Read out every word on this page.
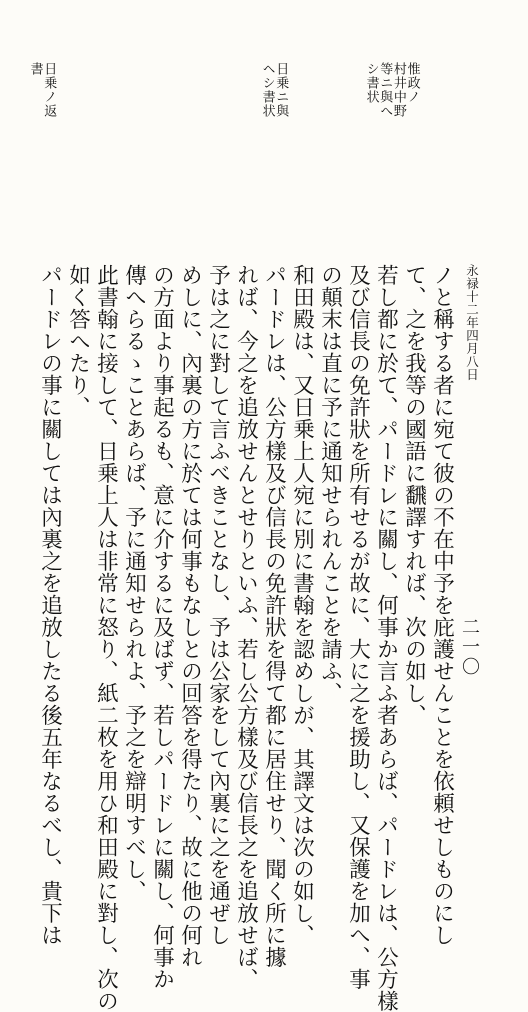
永禄十二年四月八日
二一〇
惟政ノ
村井中野
等ニ與へ
シ書状
日乗ニ與
ヘシ書状
日乗ノ返
書
ノと稱する者に宛て彼の不在中予を庇護せんことを依頼せしものにし
て、之を我等の國語に飜譯すれば、次の如し、
若し都に於て、パードレに關し、何事か言ふ者あらば、パードレは、公方樣
及び信長の免許狀を所有せるが故に、大に之を援助し、又保護を加へ、事
の顛末は直に予に通知せられんことを請ふ、
和田殿は、又日乗上人宛に別に書翰を認めしが、其譯文は次の如し、
パードレは、公方樣及び信長の免許狀を得て都に居住せり、聞く所に據
れば、今之を追放せんとせりといふ、若し公方樣及び信長之を追放せば、
予は之に對して言ふべきことなし、予は公家をして內裏に之を通ぜし
めしに、內裏の方に於ては何事もなしとの回答を得たり、故に他の何れ
の方面より事起るも、意に介するに及ばず、若しパードレに關し、何事か
傳へらるゝことあらば、予に通知せられよ、予之を辯明すべし、
此書翰に接して、日乗上人は非常に怒り、紙二枚を用ひ和田殿に對し、次の
如く答へたり、
パードレの事に關しては內裏之を追放したる後五年なるべし、貴下は
